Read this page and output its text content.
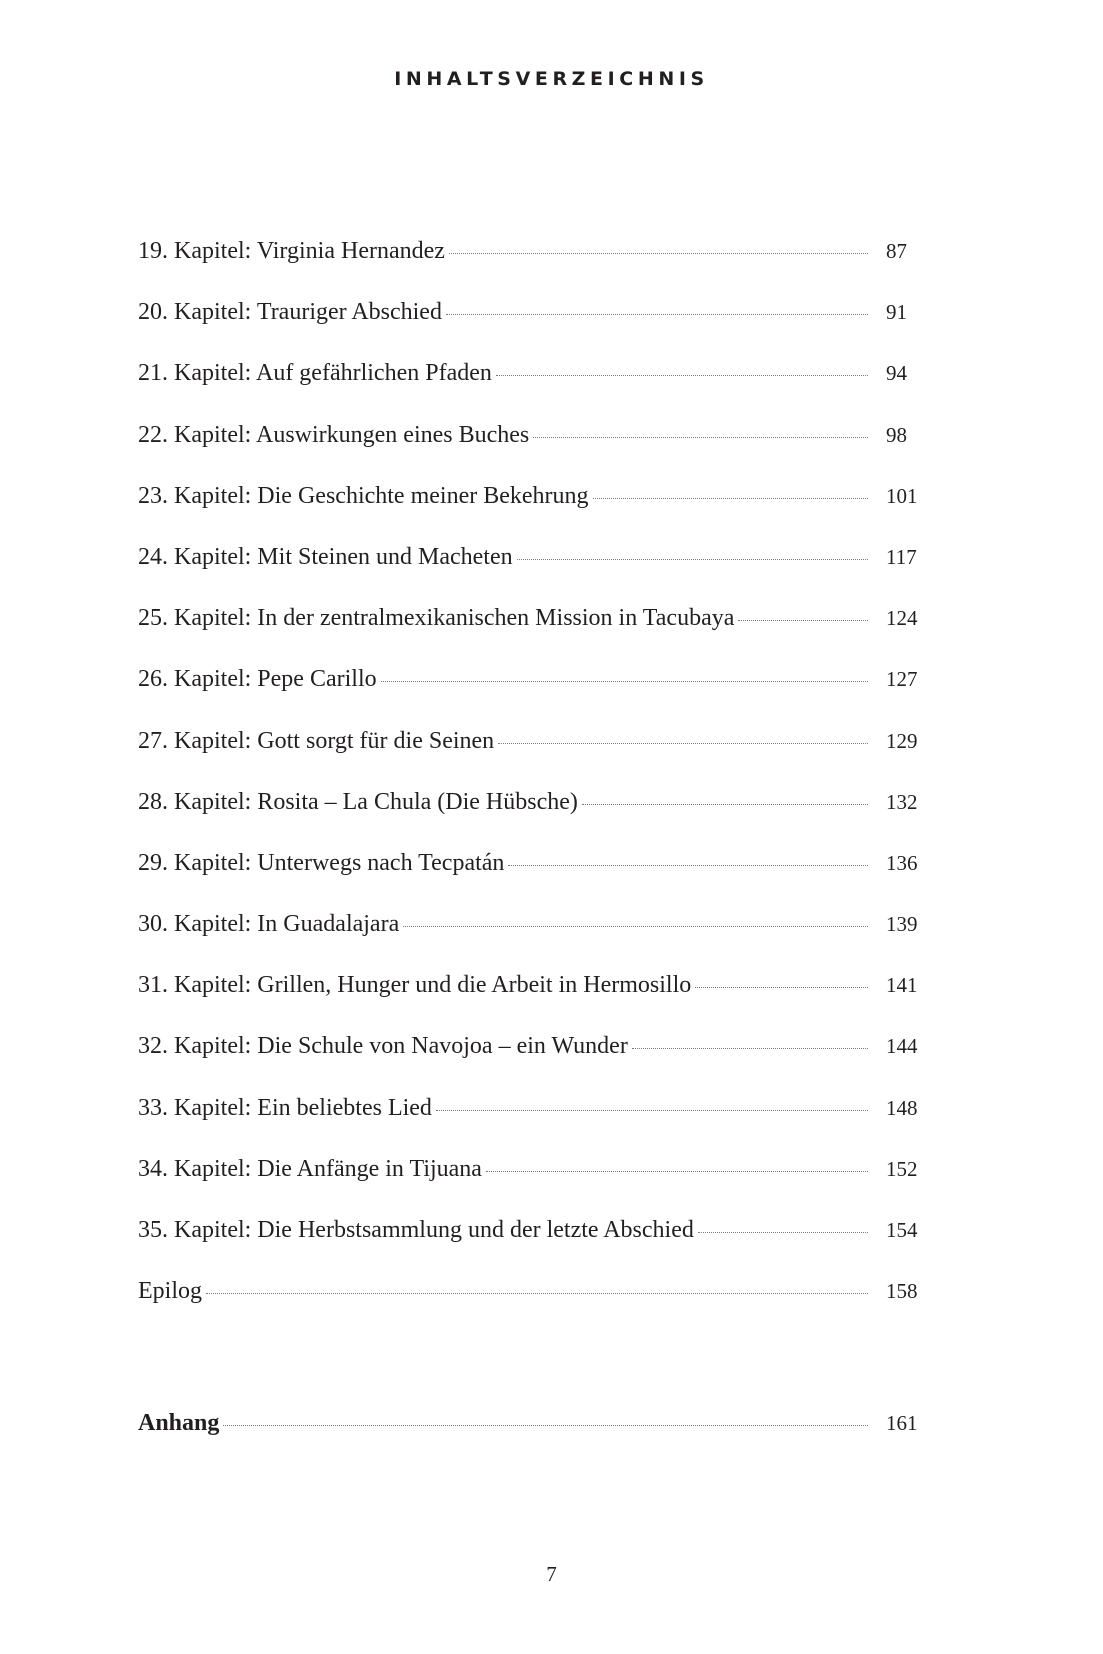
INHALTSVERZEICHNIS
19. Kapitel: Virginia Hernandez	87
20. Kapitel: Trauriger Abschied	91
21. Kapitel: Auf gefährlichen Pfaden	94
22. Kapitel: Auswirkungen eines Buches	98
23. Kapitel: Die Geschichte meiner Bekehrung	101
24. Kapitel: Mit Steinen und Macheten	117
25. Kapitel: In der zentralmexikanischen Mission in Tacubaya	124
26. Kapitel: Pepe Carillo	127
27. Kapitel: Gott sorgt für die Seinen	129
28. Kapitel: Rosita – La Chula (Die Hübsche)	132
29. Kapitel: Unterwegs nach Tecpatán	136
30. Kapitel: In Guadalajara	139
31. Kapitel: Grillen, Hunger und die Arbeit in Hermosillo	141
32. Kapitel: Die Schule von Navojoa – ein Wunder	144
33. Kapitel: Ein beliebtes Lied	148
34. Kapitel: Die Anfänge in Tijuana	152
35. Kapitel: Die Herbstsammlung und der letzte Abschied	154
Epilog	158
Anhang	161
7
